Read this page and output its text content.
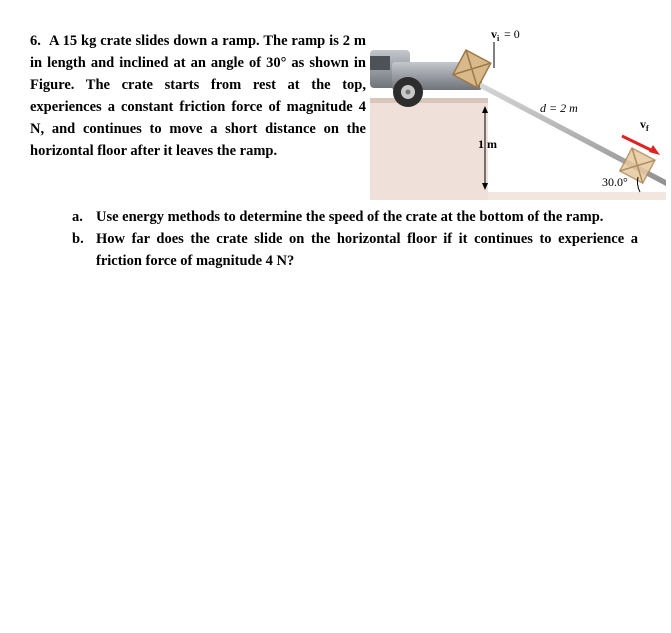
6. A 15 kg crate slides down a ramp. The ramp is 2 m in length and inclined at an angle of 30° as shown in Figure. The crate starts from rest at the top, experiences a constant friction force of magnitude 4 N, and continues to move a short distance on the horizontal floor after it leaves the ramp.
$v_i = 0$
d = 2 m
1 m
30.0°
$v_f$
a. Use energy methods to determine the speed of the crate at the bottom of the ramp.
b. How far does the crate slide on the horizontal floor if it continues to experience a friction force of magnitude 4 N?
